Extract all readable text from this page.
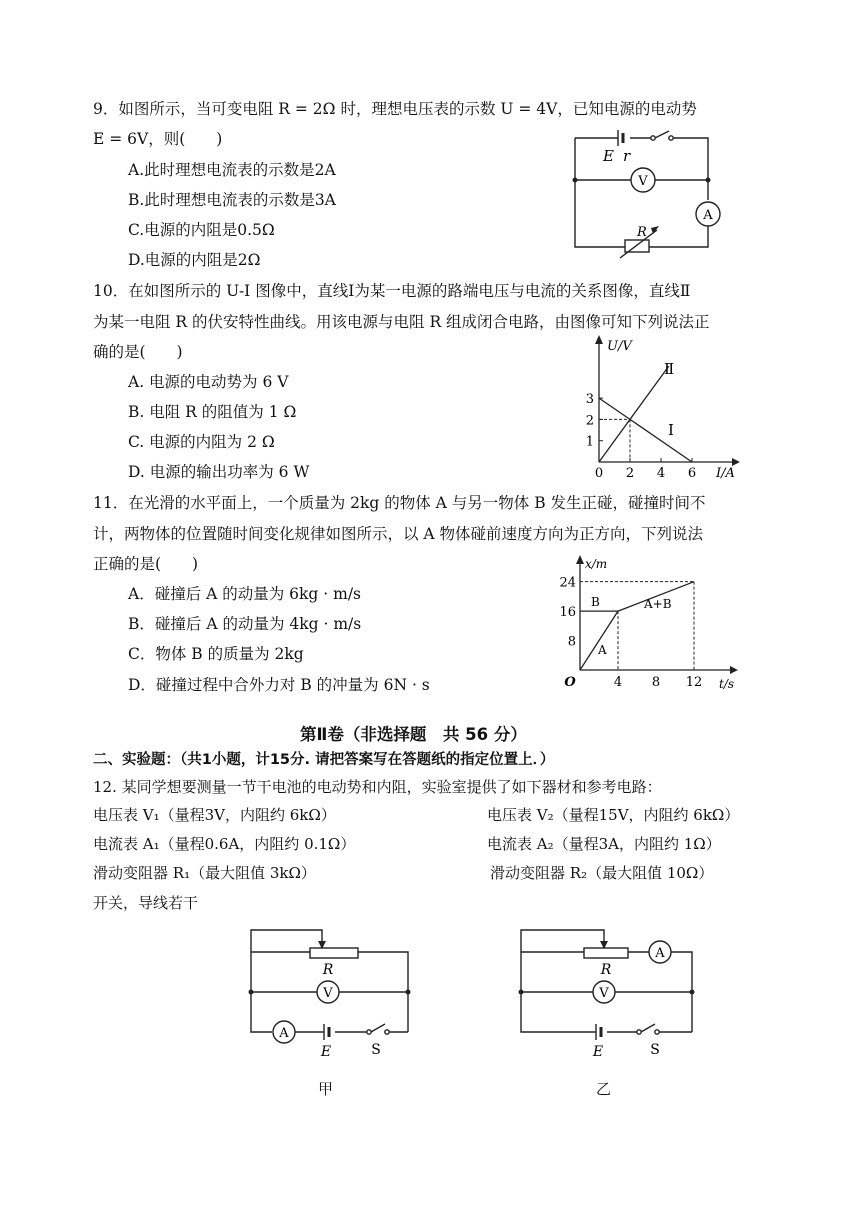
9．如图所示，当可变电阻 R = 2Ω 时，理想电压表的示数 U = 4V，已知电源的电动势
E = 6V，则(　　)
A.此时理想电流表的示数是2A
B.此时理想电流表的示数是3A
C.电源的内阻是0.5Ω
D.电源的内阻是2Ω
E r
V
A
R
10．在如图所示的 U-I 图像中，直线Ⅰ为某一电源的路端电压与电流的关系图像，直线Ⅱ
为某一电阻 R 的伏安特性曲线。用该电源与电阻 R 组成闭合电路，由图像可知下列说法正
确的是(　　)
A. 电源的电动势为 6 V
B. 电阻 R 的阻值为 1 Ω
C. 电源的内阻为 2 Ω
D. 电源的输出功率为 6 W	0 2 4 6
1
2
3
U/V
I/A
Ⅰ
Ⅱ
11．在光滑的水平面上，一个质量为 2kg 的物体 A 与另一物体 B 发生正碰，碰撞时间不
计，两物体的位置随时间变化规律如图所示，以 A 物体碰前速度方向为正方向，下列说法
正确的是(　　)
A．碰撞后 A 的动量为 6kg · m/s
B．碰撞后 A 的动量为 4kg · m/s
C．物体 B 的质量为 2kg
D．碰撞过程中合外力对 B 的冲量为 6N · s	O	4 8 12
8
16
24
x/m
t/s
A
B	A+B
第Ⅱ卷（非选择题　共 56 分）
二、实验题：（共1小题，计15分. 请把答案写在答题纸的指定位置上．）
12. 某同学想要测量一节干电池的电动势和内阻，实验室提供了如下器材和参考电路：
电压表 V₁（量程3V，内阻约 6kΩ）	电压表 V₂（量程15V，内阻约 6kΩ）
电流表 A₁（量程0.6A，内阻约 0.1Ω）	电流表 A₂（量程3A，内阻约 1Ω）
滑动变阻器 R₁（最大阻值 3kΩ）	滑动变阻器 R₂（最大阻值 10Ω）
开关，导线若干
R
V
A
E	S
甲
R
A
V
E	S
乙
